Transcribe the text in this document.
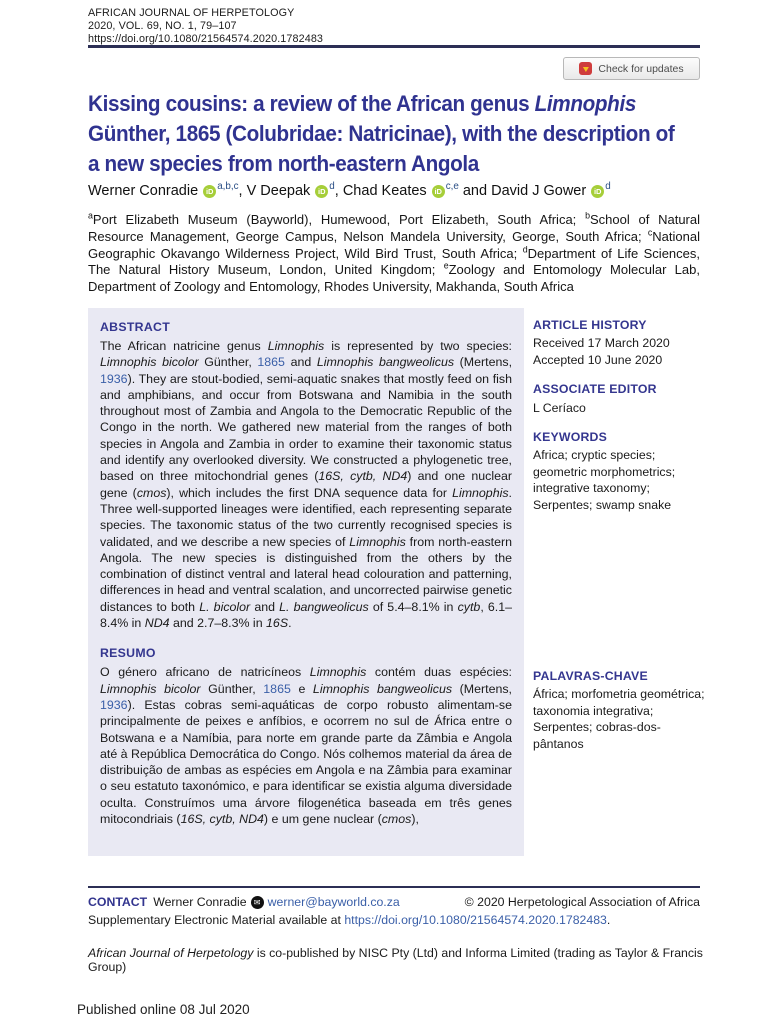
AFRICAN JOURNAL OF HERPETOLOGY
2020, VOL. 69, NO. 1, 79–107
https://doi.org/10.1080/21564574.2020.1782483
Check for updates
Kissing cousins: a review of the African genus Limnophis
Günther, 1865 (Colubridae: Natricinae), with the description of
a new species from north-eastern Angola
Werner Conradie iD $^{a,b,c}$, V Deepak iD $^d$, Chad Keates iD $^{c,e}$ and David J Gower iD $^d$
$^a$Port Elizabeth Museum (Bayworld), Humewood, Port Elizabeth, South Africa; $^b$School of Natural Resource Management, George Campus, Nelson Mandela University, George, South Africa; $^c$National Geographic Okavango Wilderness Project, Wild Bird Trust, South Africa; $^d$Department of Life Sciences, The Natural History Museum, London, United Kingdom; $^e$Zoology and Entomology Molecular Lab, Department of Zoology and Entomology, Rhodes University, Makhanda, South Africa
ABSTRACT

The African natricine genus Limnophis is represented by two species: Limnophis bicolor Günther, 1865 and Limnophis bangweolicus (Mertens, 1936). They are stout-bodied, semi-aquatic snakes that mostly feed on fish and amphibians, and occur from Botswana and Namibia in the south throughout most of Zambia and Angola to the Democratic Republic of the Congo in the north. We gathered new material from the ranges of both species in Angola and Zambia in order to examine their taxonomic status and identify any overlooked diversity. We constructed a phylogenetic tree, based on three mitochondrial genes (16S, cytb, ND4) and one nuclear gene (cmos), which includes the first DNA sequence data for Limnophis. Three well-supported lineages were identified, each representing separate species. The taxonomic status of the two currently recognised species is validated, and we describe a new species of Limnophis from north-eastern Angola. The new species is distinguished from the others by the combination of distinct ventral and lateral head colouration and patterning, differences in head and ventral scalation, and uncorrected pairwise genetic distances to both L. bicolor and L. bangweolicus of 5.4–8.1% in cytb, 6.1–8.4% in ND4 and 2.7–8.3% in 16S.

RESUMO

O género africano de natricíneos Limnophis contém duas espécies: Limnophis bicolor Günther, 1865 e Limnophis bangweolicus (Mertens, 1936). Estas cobras semi-aquáticas de corpo robusto alimentam-se principalmente de peixes e anfíbios, e ocorrem no sul de África entre o Botswana e a Namíbia, para norte em grande parte da Zâmbia e Angola até à República Democrática do Congo. Nós colhemos material da área de distribuição de ambas as espécies em Angola e na Zâmbia para examinar o seu estatuto taxonómico, e para identificar se existia alguma diversidade oculta. Construímos uma árvore filogenética baseada em três genes mitocondriais (16S, cytb, ND4) e um gene nuclear (cmos),

ARTICLE HISTORY
Received 17 March 2020
Accepted 10 June 2020
ASSOCIATE EDITOR
L Ceríaco
KEYWORDS
Africa; cryptic species; geometric morphometrics; integrative taxonomy; Serpentes; swamp snake
PALAVRAS-CHAVE
África; morfometria geométrica; taxonomia integrativa; Serpentes; cobras-dos-pântanos
CONTACT Werner Conradie ✉ werner@bayworld.co.za	© 2020 Herpetological Association of Africa
Supplementary Electronic Material available at https://doi.org/10.1080/21564574.2020.1782483.
African Journal of Herpetology is co-published by NISC Pty (Ltd) and Informa Limited (trading as Taylor & Francis Group)
Published online 08 Jul 2020
